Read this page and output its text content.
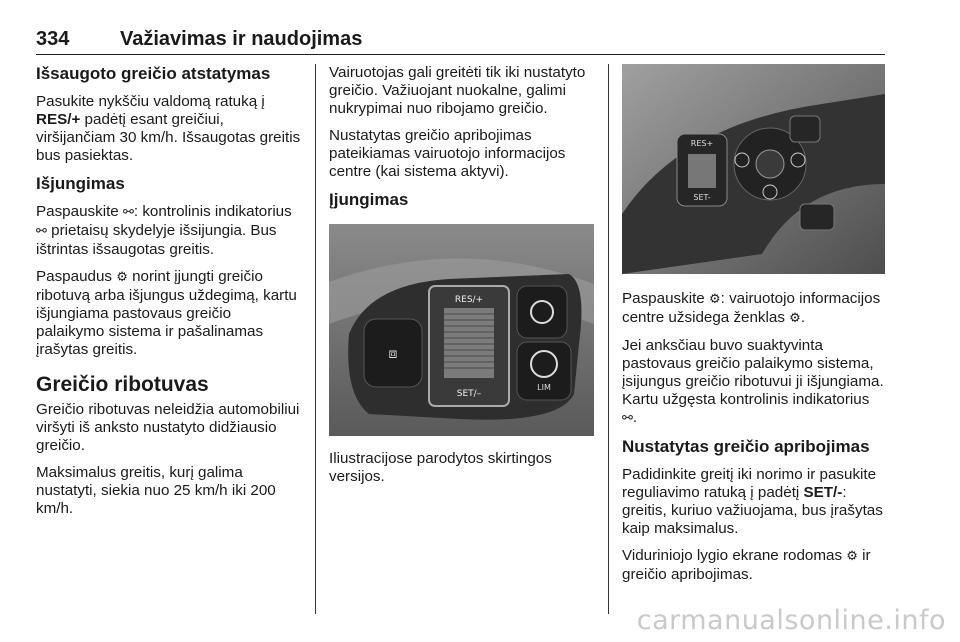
334	Važiavimas ir naudojimas
Išsaugoto greičio atstatymas

Pasukite nykščiu valdomą ratuką į
RES/+ padėtį esant greičiui, viršijančiam 30 km/h. Išsaugotas greitis bus pasiektas.

Išjungimas

Paspauskite ⚯: kontrolinis indikatorius ⚯ prietaisų skydelyje išsijungia. Bus ištrintas išsaugotas greitis.

Paspaudus ⚙ norint įjungti greičio ribotuvą arba išjungus uždegimą, kartu išjungiama pastovaus greičio palaikymo sistema ir pašalinamas įrašytas greitis.

Greičio ribotuvas

Greičio ribotuvas neleidžia automobiliui viršyti iš anksto nustatyto didžiausio greičio.

Maksimalus greitis, kurį galima nustatyti, siekia nuo 25 km/h iki 200 km/h.

Vairuotojas gali greitėti tik iki nustatyto greičio. Važiuojant nuokalne, galimi nukrypimai nuo ribojamo greičio.

Nustatytas greičio apribojimas pateikiamas vairuotojo informacijos centre (kai sistema aktyvi).

Įjungimas
⧈
RES/+
SET/–
LIM

Iliustracijose parodytos skirtingos versijos.

RES+
SET-

Paspauskite ⚙: vairuotojo informacijos centre užsidega ženklas ⚙.

Jei anksčiau buvo suaktyvinta pastovaus greičio palaikymo sistema, įsijungus greičio ribotuvui ji išjungiama. Kartu užgęsta kontrolinis indikatorius ⚯.

Nustatytas greičio apribojimas

Padidinkite greitį iki norimo ir pasukite reguliavimo ratuką į padėtį SET/-: greitis, kuriuo važiuojama, bus įrašytas kaip maksimalus.

Viduriniojo lygio ekrane rodomas ⚙ ir greičio apribojimas.

carmanualsonline.info
